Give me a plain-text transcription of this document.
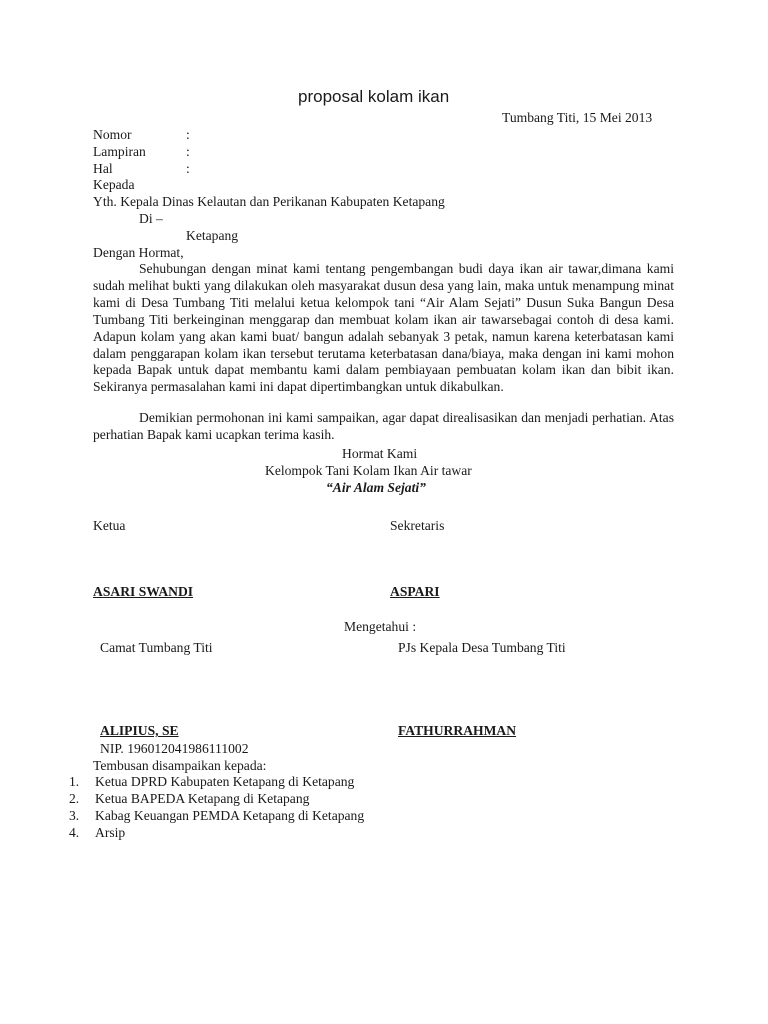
proposal kolam ikan
Tumbang Titi, 15 Mei 2013
Nomor	:
Lampiran	:
Hal	:
Kepada
Yth. Kepala Dinas Kelautan dan Perikanan Kabupaten Ketapang
Di –
Ketapang
Dengan Hormat,
Sehubungan dengan minat kami tentang pengembangan budi daya ikan air tawar,dimana kami sudah melihat bukti yang dilakukan oleh masyarakat dusun desa yang lain, maka untuk menampung minat kami di Desa Tumbang Titi melalui ketua kelompok tani “Air Alam Sejati” Dusun Suka Bangun Desa Tumbang Titi berkeinginan menggarap dan membuat kolam ikan air tawarsebagai contoh di desa kami. Adapun kolam yang akan kami buat/ bangun adalah sebanyak 3 petak, namun karena keterbatasan kami dalam penggarapan kolam ikan tersebut terutama keterbatasan dana/biaya, maka dengan ini kami mohon kepada Bapak untuk dapat membantu kami dalam pembiayaan pembuatan kolam ikan dan bibit ikan. Sekiranya permasalahan kami ini dapat dipertimbangkan untuk dikabulkan.
Demikian permohonan ini kami sampaikan, agar dapat direalisasikan dan menjadi perhatian. Atas perhatian Bapak kami ucapkan terima kasih.
Hormat Kami
Kelompok Tani Kolam Ikan Air tawar
“Air Alam Sejati”
Ketua	Sekretaris
ASARI SWANDI	ASPARI
Mengetahui :
Camat Tumbang Titi	PJs Kepala Desa Tumbang Titi
ALIPIUS, SE	FATHURRAHMAN
NIP. 196012041986111002
Tembusan disampaikan kepada:
1. Ketua DPRD Kabupaten Ketapang di Ketapang
2. Ketua BAPEDA Ketapang di Ketapang
3. Kabag Keuangan PEMDA Ketapang di Ketapang
4. Arsip
